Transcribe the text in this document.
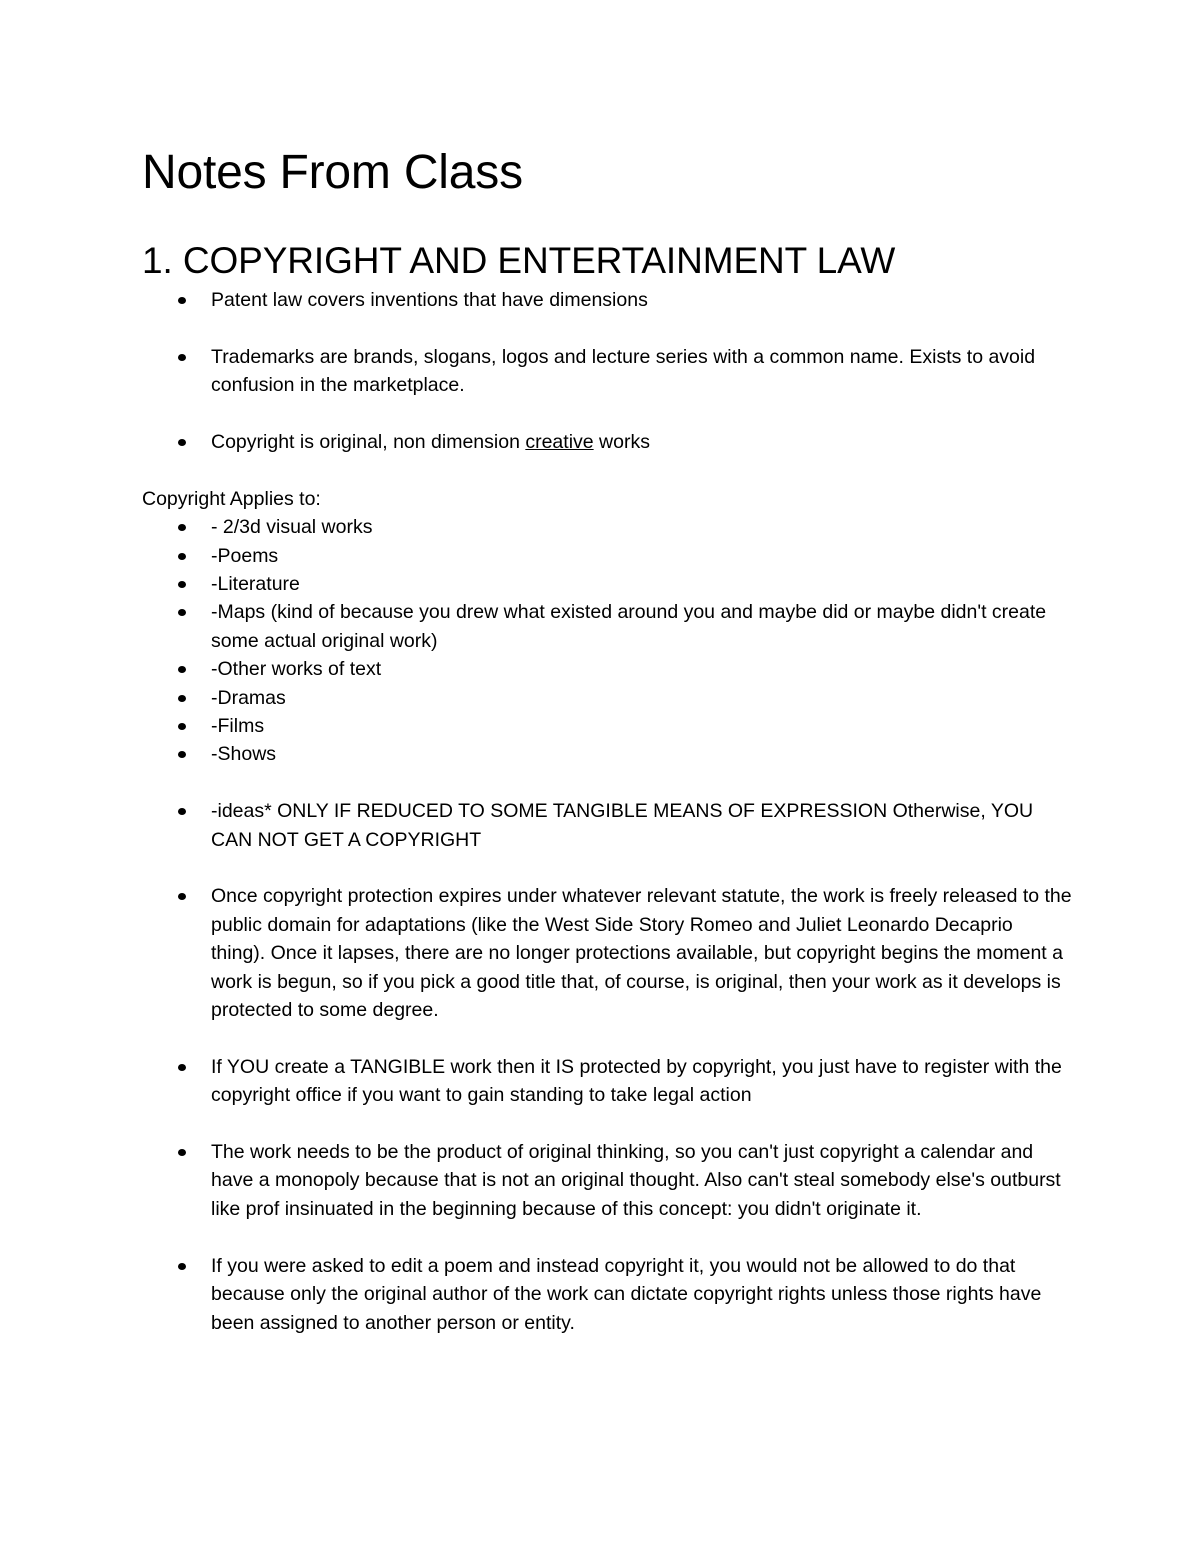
Notes From Class
1. COPYRIGHT AND ENTERTAINMENT LAW
Patent law covers inventions that have dimensions
Trademarks are brands, slogans, logos and lecture series with a common name. Exists to avoid confusion in the marketplace.
Copyright is original, non dimension creative works
Copyright Applies to:
- 2/3d visual works
-Poems
-Literature
-Maps (kind of because you drew what existed around you and maybe did or maybe didn't create some actual original work)
-Other works of text
-Dramas
-Films
-Shows
-ideas* ONLY IF REDUCED TO SOME TANGIBLE MEANS OF EXPRESSION Otherwise, YOU CAN NOT GET A COPYRIGHT
Once copyright protection expires under whatever relevant statute, the work is freely released to the public domain for adaptations (like the West Side Story Romeo and Juliet Leonardo Decaprio thing). Once it lapses, there are no longer protections available, but copyright begins the moment a work is begun, so if you pick a good title that, of course, is original, then your work as it develops is protected to some degree.
If YOU create a TANGIBLE work then it IS protected by copyright, you just have to register with the copyright office if you want to gain standing to take legal action
The work needs to be the product of original thinking, so you can't just copyright a calendar and have a monopoly because that is not an original thought. Also can't steal somebody else's outburst like prof insinuated in the beginning because of this concept: you didn't originate it.
If you were asked to edit a poem and instead copyright it, you would not be allowed to do that because only the original author of the work can dictate copyright rights unless those rights have been assigned to another person or entity.
